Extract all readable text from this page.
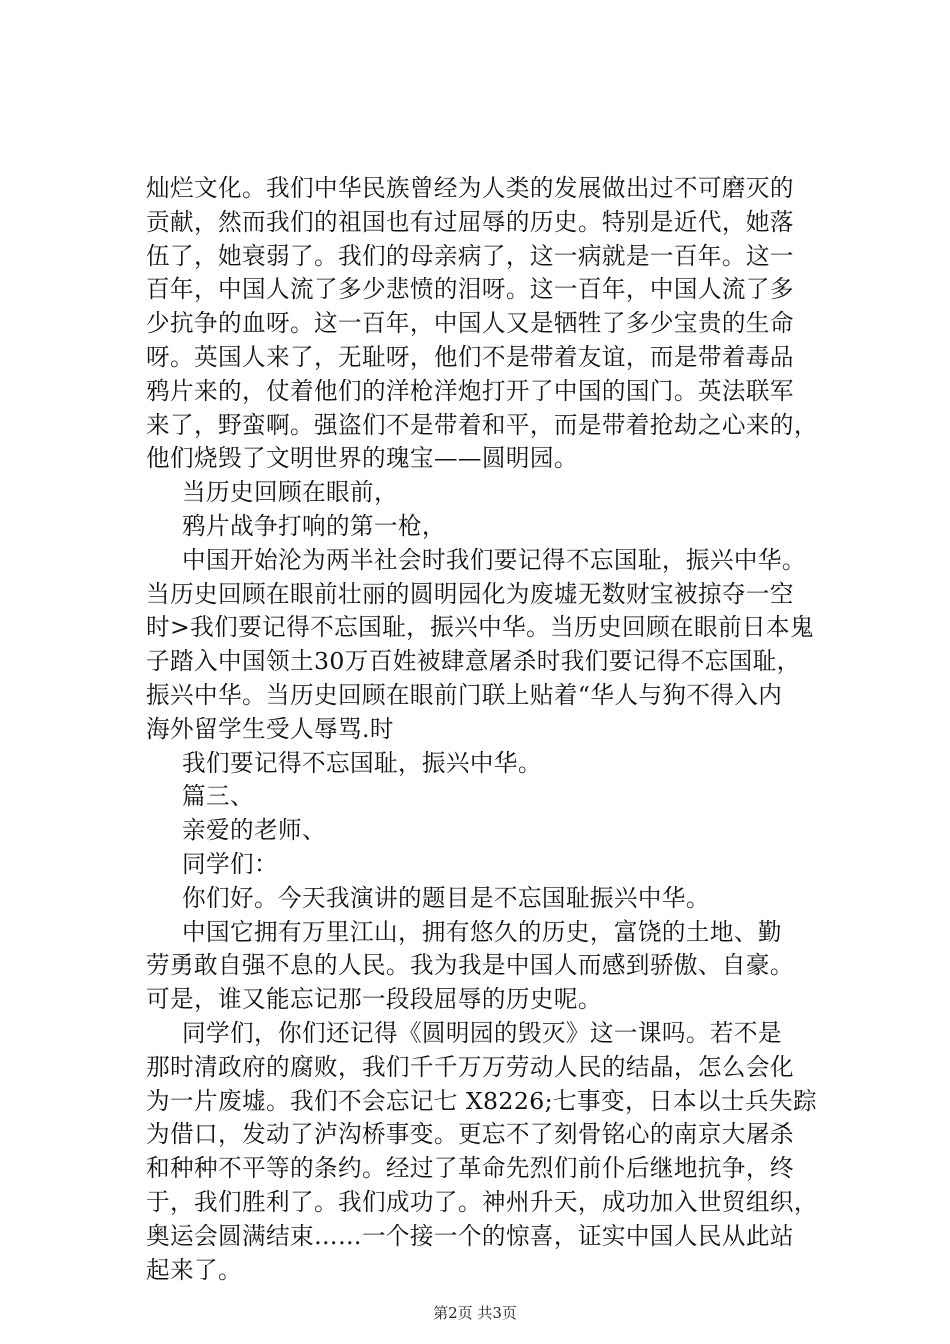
灿烂文化。我们中华民族曾经为人类的发展做出过不可磨灭的
贡献，然而我们的祖国也有过屈辱的历史。特别是近代，她落
伍了，她衰弱了。我们的母亲病了，这一病就是一百年。这一
百年，中国人流了多少悲愤的泪呀。这一百年，中国人流了多
少抗争的血呀。这一百年，中国人又是牺牲了多少宝贵的生命
呀。英国人来了，无耻呀，他们不是带着友谊，而是带着毒品
鸦片来的，仗着他们的洋枪洋炮打开了中国的国门。英法联军
来了，野蛮啊。强盗们不是带着和平，而是带着抢劫之心来的，
他们烧毁了文明世界的瑰宝——圆明园。
当历史回顾在眼前，
鸦片战争打响的第一枪，
中国开始沦为两半社会时我们要记得不忘国耻，振兴中华。
当历史回顾在眼前壮丽的圆明园化为废墟无数财宝被掠夺一空
时>我们要记得不忘国耻，振兴中华。当历史回顾在眼前日本鬼
子踏入中国领土30万百姓被肆意屠杀时我们要记得不忘国耻，
振兴中华。当历史回顾在眼前门联上贴着“华人与狗不得入内
海外留学生受人辱骂.时
我们要记得不忘国耻，振兴中华。
篇三、
亲爱的老师、
同学们：
你们好。今天我演讲的题目是不忘国耻振兴中华。
中国它拥有万里江山，拥有悠久的历史，富饶的土地、勤
劳勇敢自强不息的人民。我为我是中国人而感到骄傲、自豪。
可是，谁又能忘记那一段段屈辱的历史呢。
同学们，你们还记得《圆明园的毁灭》这一课吗。若不是
那时清政府的腐败，我们千千万万劳动人民的结晶，怎么会化
为一片废墟。我们不会忘记七 X8226;七事变，日本以士兵失踪
为借口，发动了泸沟桥事变。更忘不了刻骨铭心的南京大屠杀
和种种不平等的条约。经过了革命先烈们前仆后继地抗争，终
于，我们胜利了。我们成功了。神州升天，成功加入世贸组织，
奥运会圆满结束……一个接一个的惊喜，证实中国人民从此站
起来了。
第2页 共3页
